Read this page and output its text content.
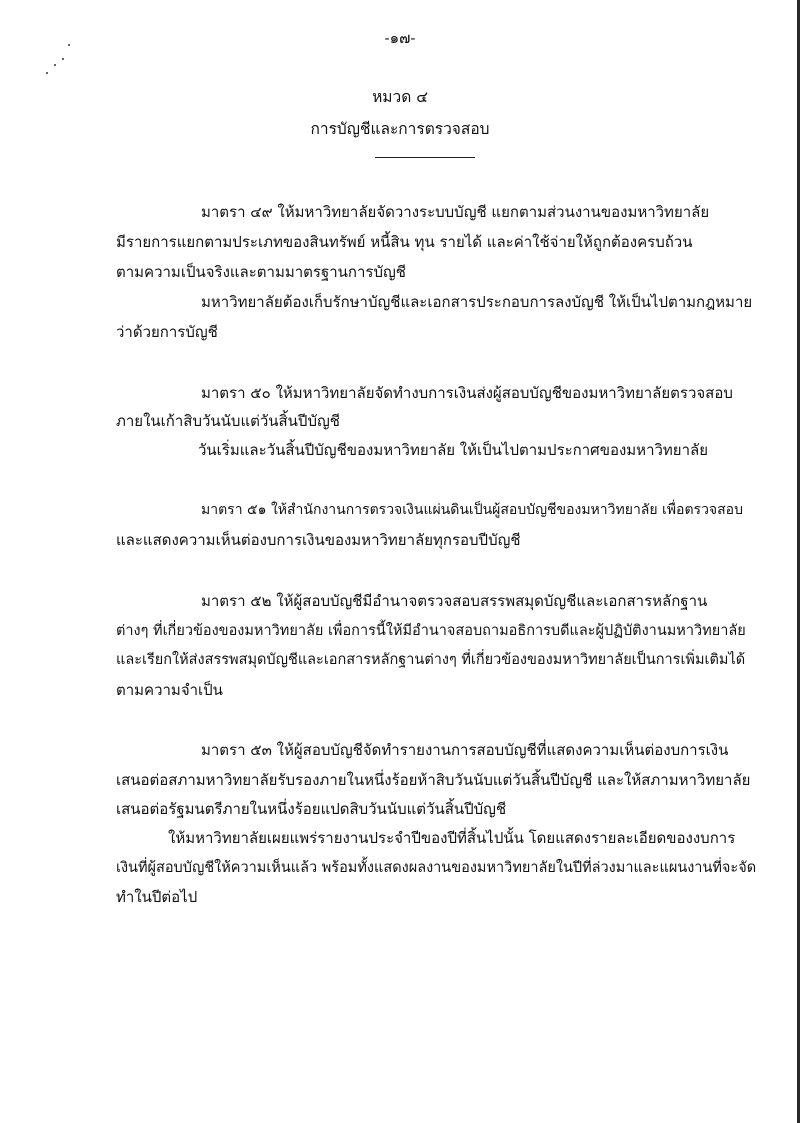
-๑๗-
หมวด ๔
การบัญชีและการตรวจสอบ
มาตรา ๔๙ ให้มหาวิทยาลัยจัดวางระบบบัญชี แยกตามส่วนงานของมหาวิทยาลัย
มีรายการแยกตามประเภทของสินทรัพย์ หนี้สิน ทุน รายได้ และค่าใช้จ่ายให้ถูกต้องครบถ้วน
ตามความเป็นจริงและตามมาตรฐานการบัญชี
มหาวิทยาลัยต้องเก็บรักษาบัญชีและเอกสารประกอบการลงบัญชี ให้เป็นไปตามกฎหมาย
ว่าด้วยการบัญชี
มาตรา ๕๐ ให้มหาวิทยาลัยจัดทำงบการเงินส่งผู้สอบบัญชีของมหาวิทยาลัยตรวจสอบ
ภายในเก้าสิบวันนับแต่วันสิ้นปีบัญชี
วันเริ่มและวันสิ้นปีบัญชีของมหาวิทยาลัย ให้เป็นไปตามประกาศของมหาวิทยาลัย
มาตรา ๕๑ ให้สำนักงานการตรวจเงินแผ่นดินเป็นผู้สอบบัญชีของมหาวิทยาลัย เพื่อตรวจสอบ
และแสดงความเห็นต่องบการเงินของมหาวิทยาลัยทุกรอบปีบัญชี
มาตรา ๕๒ ให้ผู้สอบบัญชีมีอำนาจตรวจสอบสรรพสมุดบัญชีและเอกสารหลักฐาน
ต่างๆ ที่เกี่ยวข้องของมหาวิทยาลัย เพื่อการนี้ให้มีอำนาจสอบถามอธิการบดีและผู้ปฏิบัติงานมหาวิทยาลัย
และเรียกให้ส่งสรรพสมุดบัญชีและเอกสารหลักฐานต่างๆ ที่เกี่ยวข้องของมหาวิทยาลัยเป็นการเพิ่มเติมได้
ตามความจำเป็น
มาตรา ๕๓ ให้ผู้สอบบัญชีจัดทำรายงานการสอบบัญชีที่แสดงความเห็นต่องบการเงิน
เสนอต่อสภามหาวิทยาลัยรับรองภายในหนึ่งร้อยห้าสิบวันนับแต่วันสิ้นปีบัญชี และให้สภามหาวิทยาลัย
เสนอต่อรัฐมนตรีภายในหนึ่งร้อยแปดสิบวันนับแต่วันสิ้นปีบัญชี
ให้มหาวิทยาลัยเผยแพร่รายงานประจำปีของปีที่สิ้นไปนั้น โดยแสดงรายละเอียดของงบการ
เงินที่ผู้สอบบัญชีให้ความเห็นแล้ว พร้อมทั้งแสดงผลงานของมหาวิทยาลัยในปีที่ล่วงมาและแผนงานที่จะจัด
ทำในปีต่อไป
